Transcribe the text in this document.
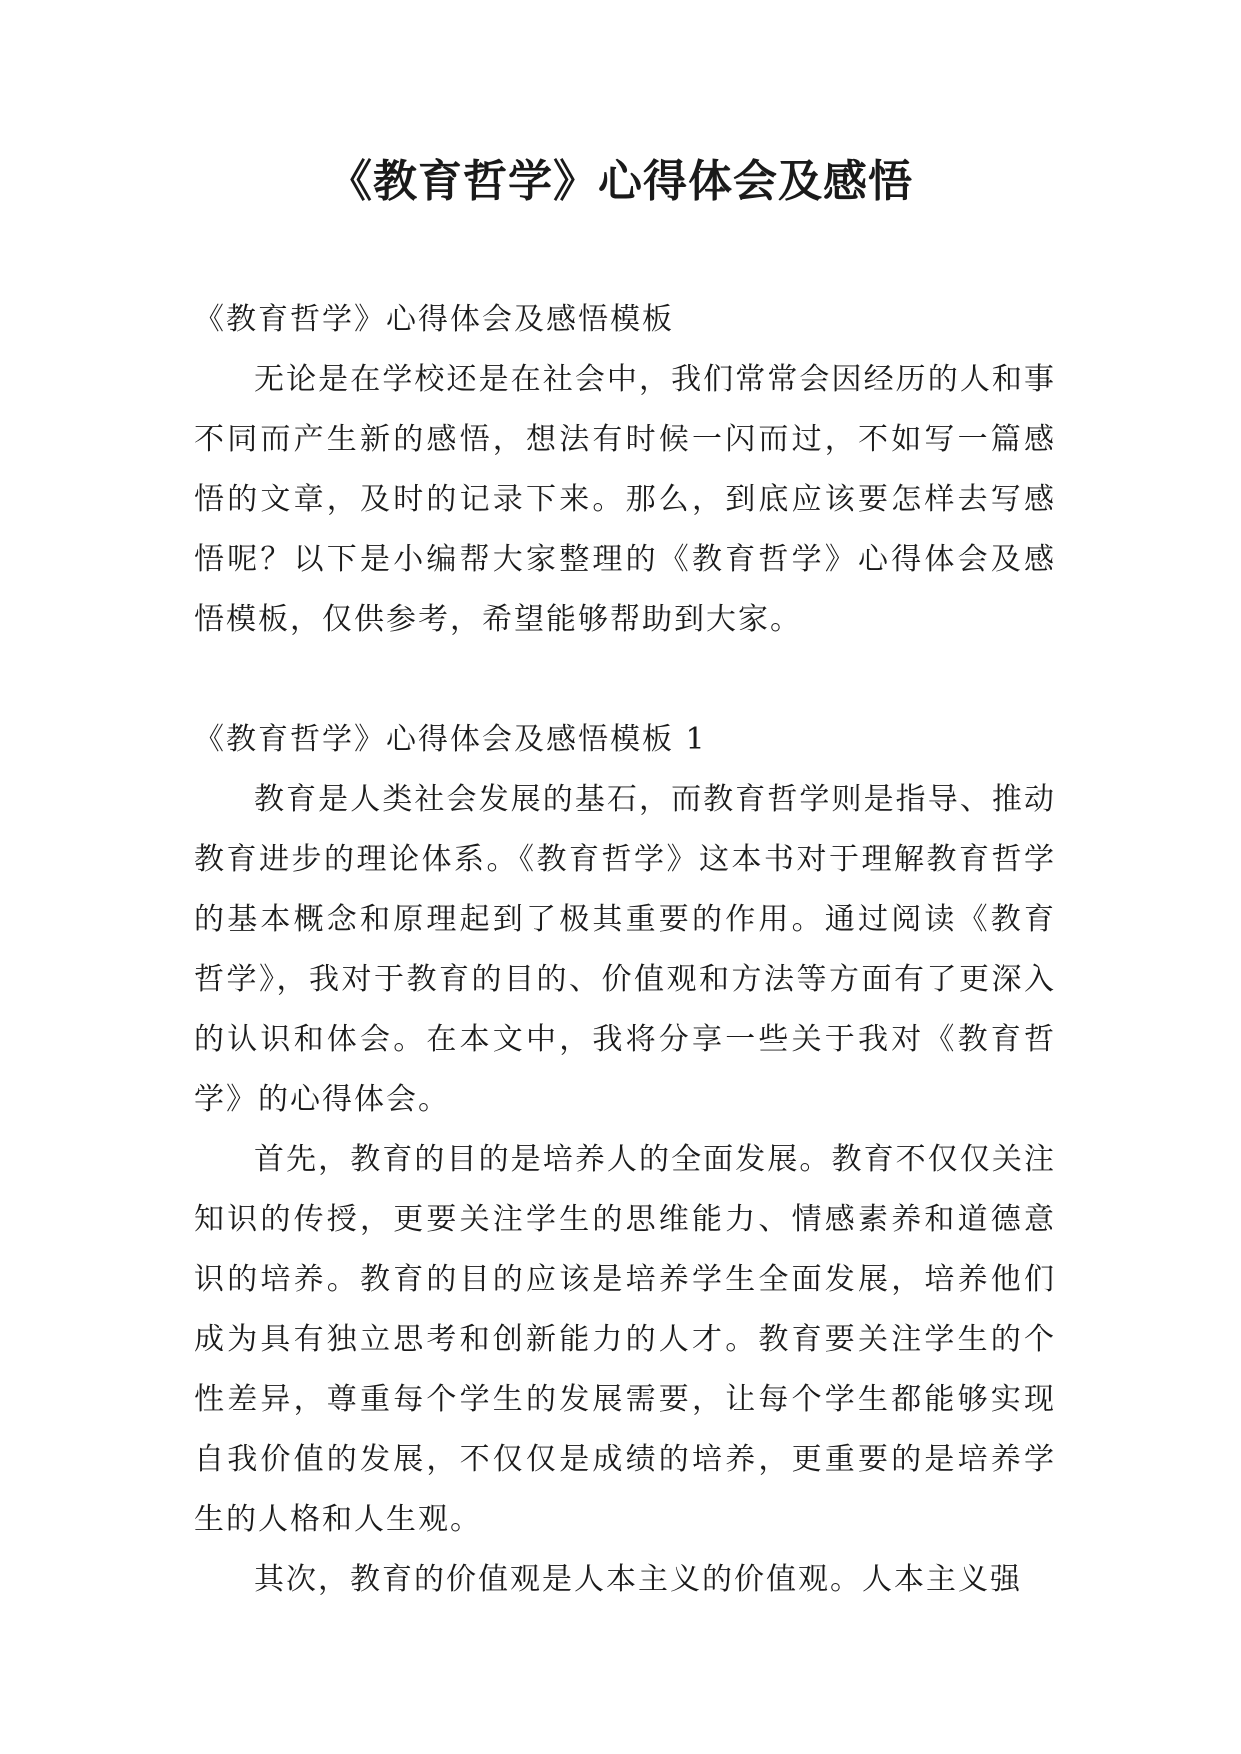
《教育哲学》心得体会及感悟
《教育哲学》心得体会及感悟模板

无论是在学校还是在社会中，我们常常会因经历的人和事不同而产生新的感悟，想法有时候一闪而过，不如写一篇感悟的文章，及时的记录下来。那么，到底应该要怎样去写感悟呢？以下是小编帮大家整理的《教育哲学》心得体会及感悟模板，仅供参考，希望能够帮助到大家。

《教育哲学》心得体会及感悟模板 1

教育是人类社会发展的基石，而教育哲学则是指导、推动教育进步的理论体系。《教育哲学》这本书对于理解教育哲学的基本概念和原理起到了极其重要的作用。通过阅读《教育哲学》，我对于教育的目的、价值观和方法等方面有了更深入的认识和体会。在本文中，我将分享一些关于我对《教育哲学》的心得体会。

首先，教育的目的是培养人的全面发展。教育不仅仅关注知识的传授，更要关注学生的思维能力、情感素养和道德意识的培养。教育的目的应该是培养学生全面发展，培养他们成为具有独立思考和创新能力的人才。教育要关注学生的个性差异，尊重每个学生的发展需要，让每个学生都能够实现自我价值的发展，不仅仅是成绩的培养，更重要的是培养学生的人格和人生观。

其次，教育的价值观是人本主义的价值观。人本主义强
